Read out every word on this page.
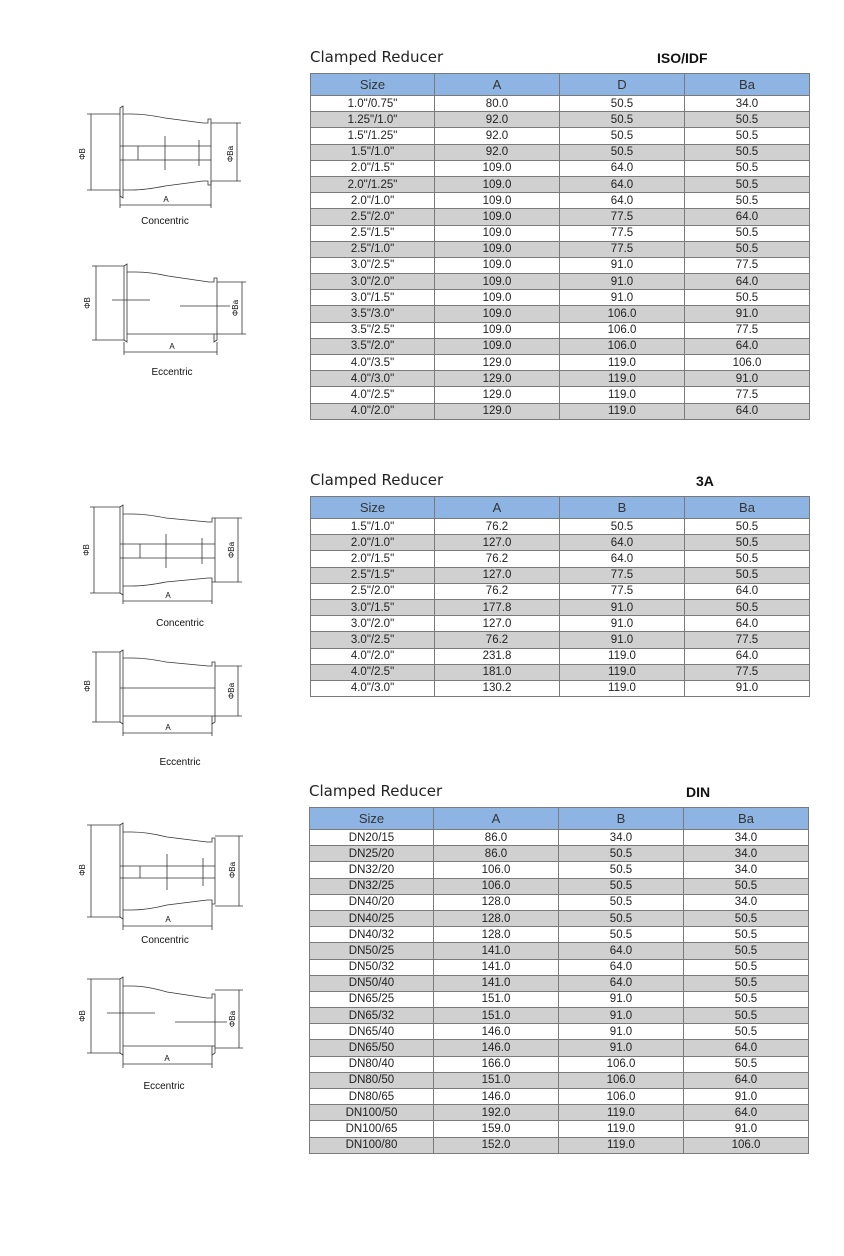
Clamped Reducer	ISO/IDF
Size	A	D	Ba
1.0"/0.75"	80.0	50.5	34.0
1.25"/1.0"	92.0	50.5	50.5
1.5"/1.25"	92.0	50.5	50.5
1.5"/1.0"	92.0	50.5	50.5
2.0"/1.5"	109.0	64.0	50.5
2.0"/1.25"	109.0	64.0	50.5
2.0"/1.0"	109.0	64.0	50.5
2.5"/2.0"	109.0	77.5	64.0
2.5"/1.5"	109.0	77.5	50.5
2.5"/1.0"	109.0	77.5	50.5
3.0"/2.5"	109.0	91.0	77.5
3.0"/2.0"	109.0	91.0	64.0
3.0"/1.5"	109.0	91.0	50.5
3.5"/3.0"	109.0	106.0	91.0
3.5"/2.5"	109.0	106.0	77.5
3.5"/2.0"	109.0	106.0	64.0
4.0"/3.5"	129.0	119.0	106.0
4.0"/3.0"	129.0	119.0	91.0
4.0"/2.5"	129.0	119.0	77.5
4.0"/2.0"	129.0	119.0	64.0
Clamped Reducer	3A
Size	A	B	Ba
1.5"/1.0"	76.2	50.5	50.5
2.0"/1.0"	127.0	64.0	50.5
2.0"/1.5"	76.2	64.0	50.5
2.5"/1.5"	127.0	77.5	50.5
2.5"/2.0"	76.2	77.5	64.0
3.0"/1.5"	177.8	91.0	50.5
3.0"/2.0"	127.0	91.0	64.0
3.0"/2.5"	76.2	91.0	77.5
4.0"/2.0"	231.8	119.0	64.0
4.0"/2.5"	181.0	119.0	77.5
4.0"/3.0"	130.2	119.0	91.0
Clamped Reducer	DIN
Size	A	B	Ba
DN20/15	86.0	34.0	34.0
DN25/20	86.0	50.5	34.0
DN32/20	106.0	50.5	34.0
DN32/25	106.0	50.5	50.5
DN40/20	128.0	50.5	34.0
DN40/25	128.0	50.5	50.5
DN40/32	128.0	50.5	50.5
DN50/25	141.0	64.0	50.5
DN50/32	141.0	64.0	50.5
DN50/40	141.0	64.0	50.5
DN65/25	151.0	91.0	50.5
DN65/32	151.0	91.0	50.5
DN65/40	146.0	91.0	50.5
DN65/50	146.0	91.0	64.0
DN80/40	166.0	106.0	50.5
DN80/50	151.0	106.0	64.0
DN80/65	146.0	106.0	91.0
DN100/50	192.0	119.0	64.0
DN100/65	159.0	119.0	91.0
DN100/80	152.0	119.0	106.0
ΦB	ΦBa
A
Concentric
ΦB	ΦBa
A
Eccentric
ΦB	ΦBa
A
Concentric
ΦB	ΦBa
A
Eccentric
ΦB	ΦBa
A
Concentric
ΦB	ΦBa
A
Eccentric
